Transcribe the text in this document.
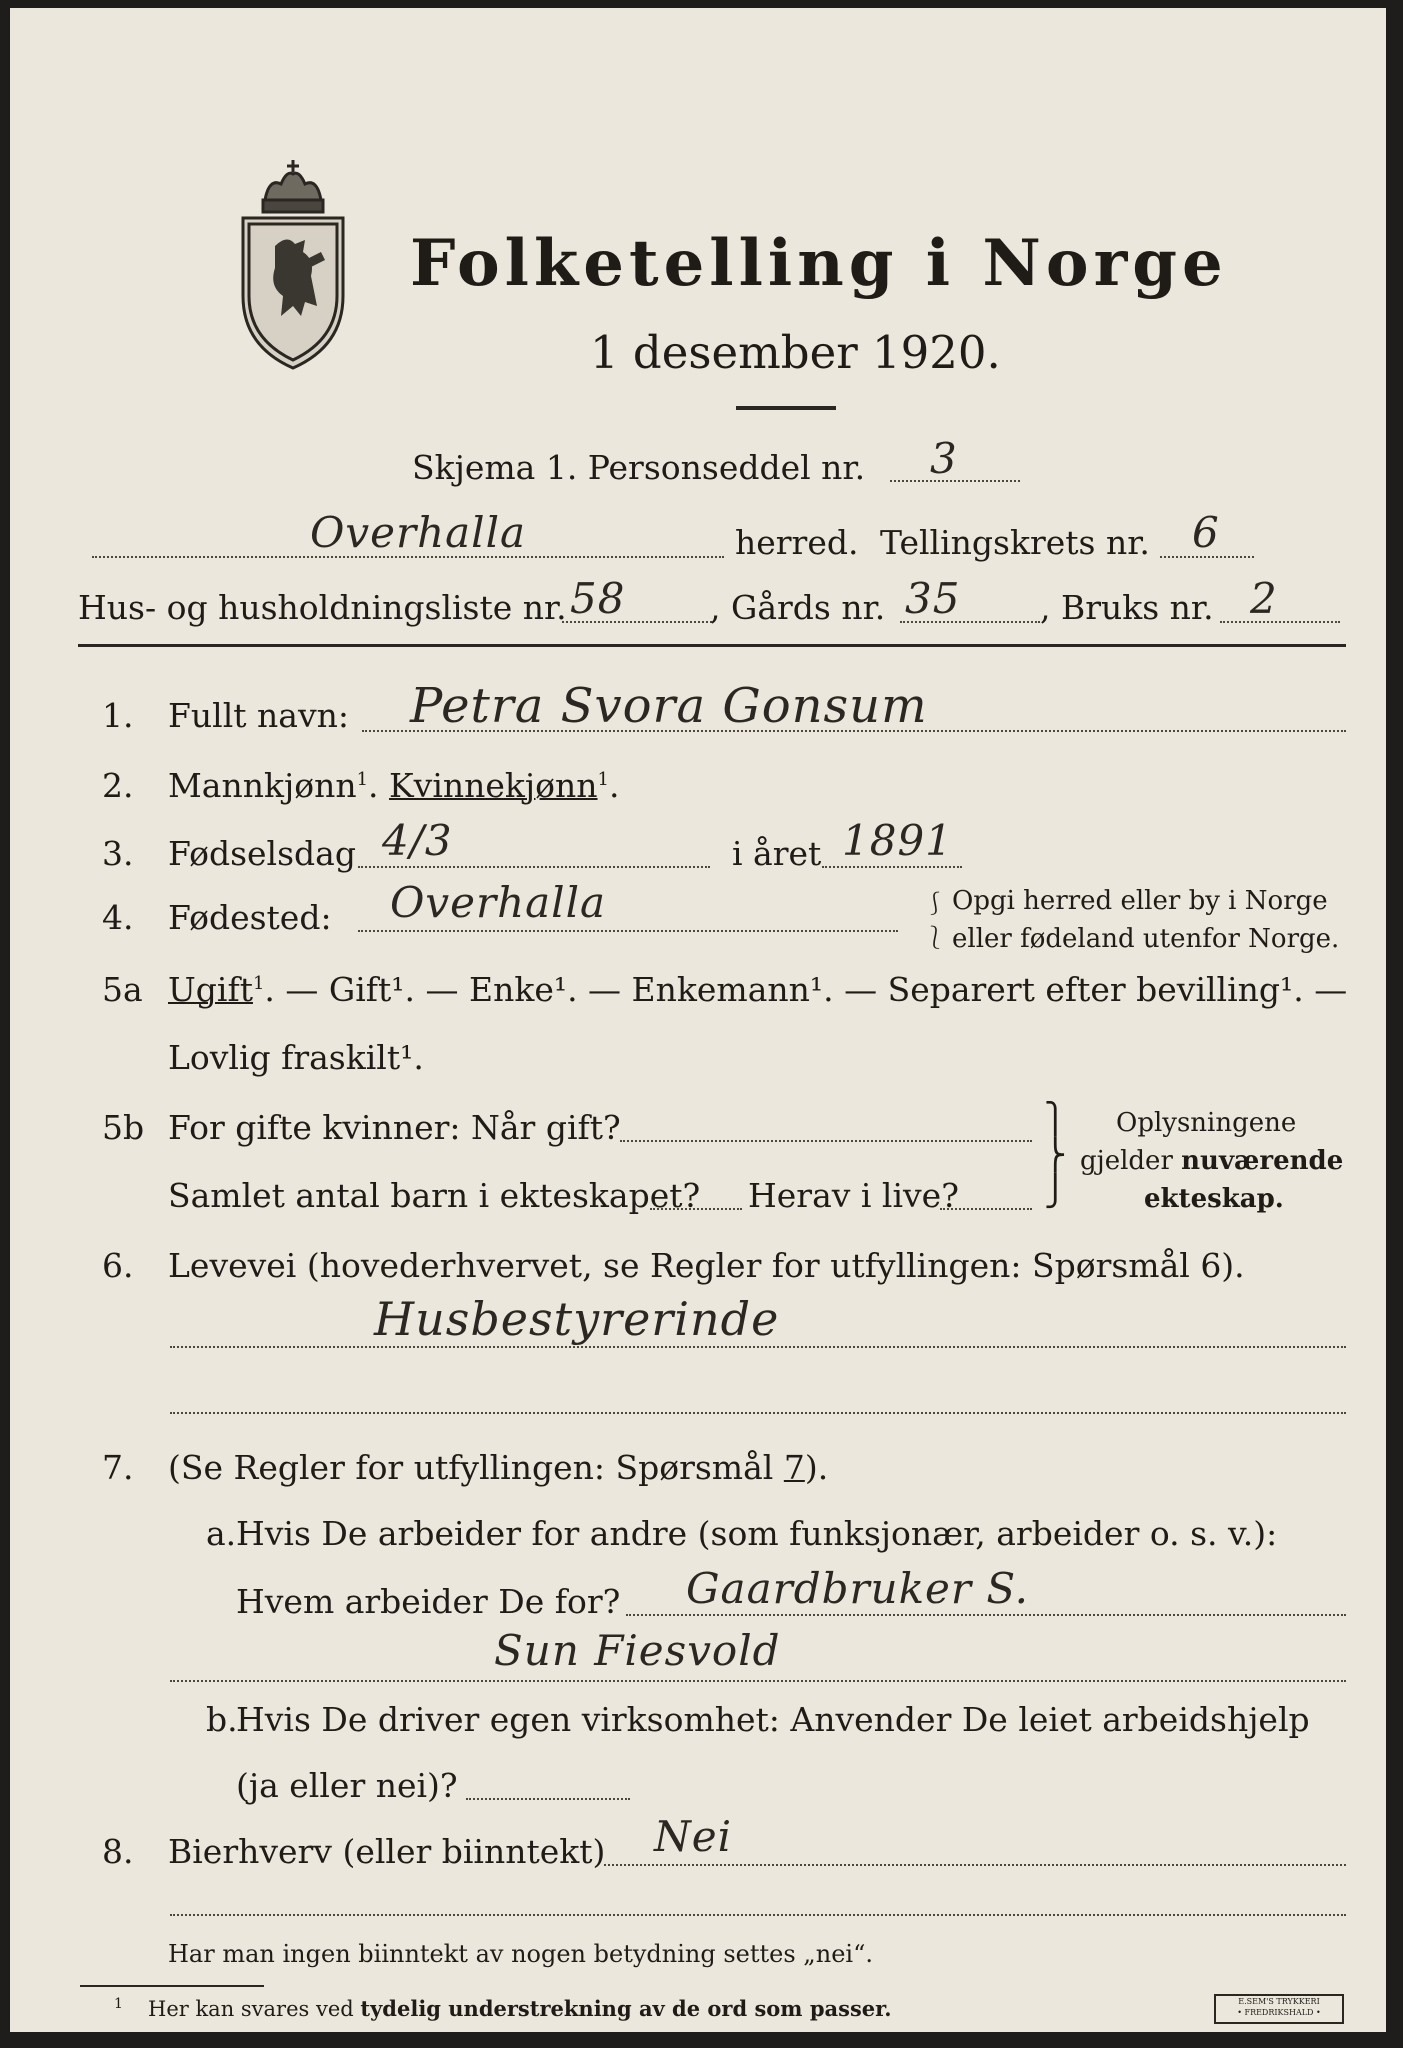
Folketelling i Norge
1 desember 1920.
Skjema 1. Personseddel nr. 3
Overhalla	herred. Tellingskrets nr. 6
Hus- og husholdningsliste nr. 58	, Gårds nr. 35 , Bruks nr. 2
1. Fullt navn: Petra Svora Gonsum
2. Mannkjønn$^1$. Kvinnekjønn$^1$.
3. Fødselsdag 4/3	i året 1891
4. Fødested: Overhalla	⎰
⎱
Opgi herred eller by i Norge
eller fødeland utenfor Norge.
5a Ugift$^1$. — Gift¹. — Enke¹. — Enkemann¹. — Separert efter bevilling¹. —
Lovlig fraskilt¹.
5b For gifte kvinner: Når gift?
Samlet antal barn i ekteskapet? Herav i live?
⎫
⎬
⎭
Oplysningene
gjelder nuværende
ekteskap.
6. Levevei (hovederhvervet, se Regler for utfyllingen: Spørsmål 6).
Husbestyrerinde
7. (Se Regler for utfyllingen: Spørsmål 7).
a. Hvis De arbeider for andre (som funksjonær, arbeider o. s. v.):
Hvem arbeider De for? Gaardbruker S.
Sun Fiesvold
b.
Hvis De driver egen virksomhet: Anvender De leiet arbeidshjelp
(ja eller nei)?
8. Bierhverv (eller biinntekt) Nei
Har man ingen biinntekt av nogen betydning settes „nei“.
1 Her kan svares ved tydelig understrekning av de ord som passer.	E.SEM'S TRYKKERI
• FREDRIKSHALD •
